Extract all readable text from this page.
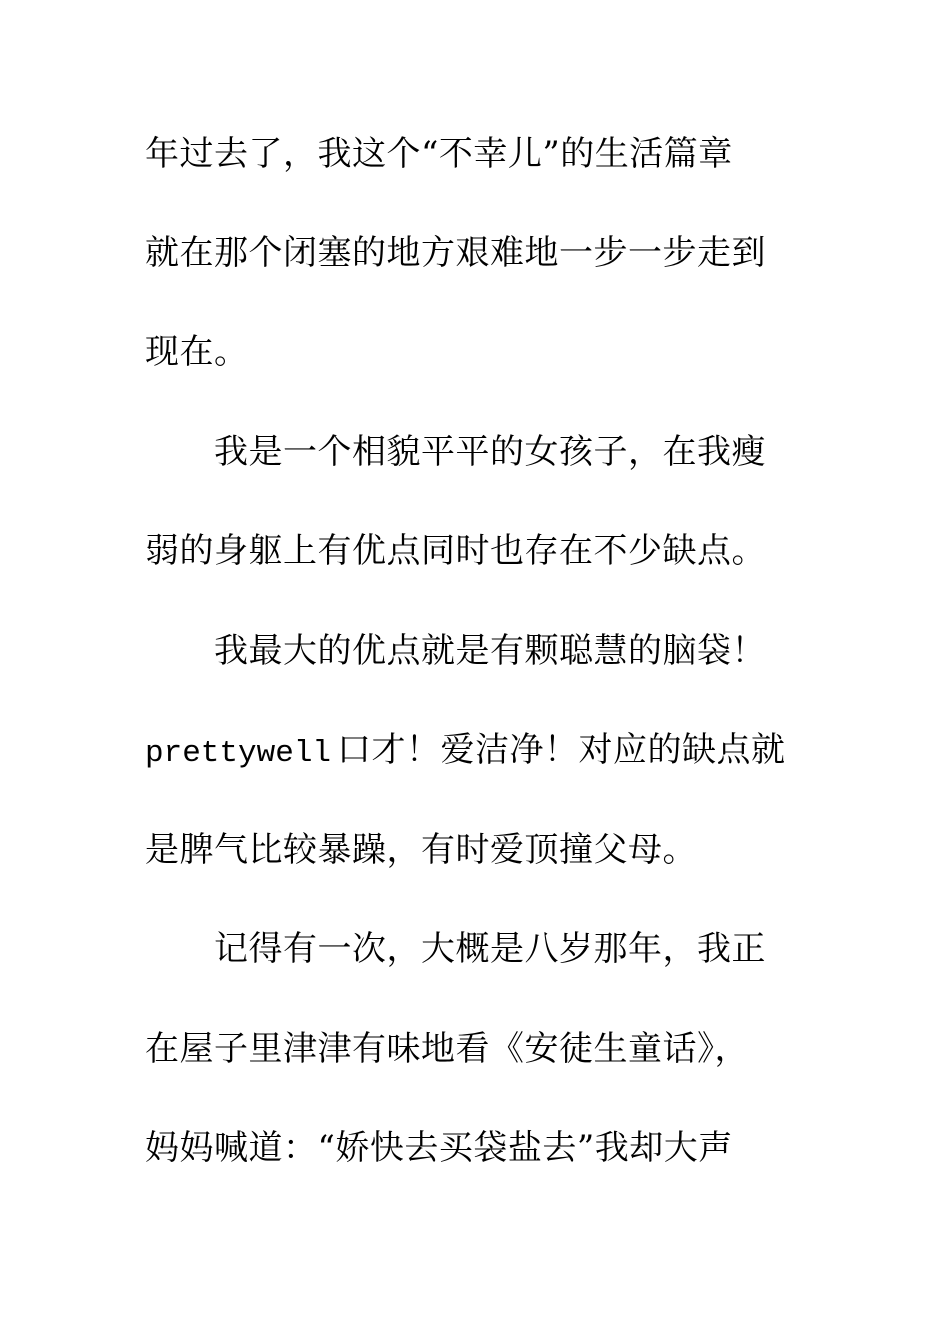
年过去了，我这个“不幸儿”的生活篇章
就在那个闭塞的地方艰难地一步一步走到
现在。
我是一个相貌平平的女孩子，在我瘦
弱的身躯上有优点同时也存在不少缺点。
我最大的优点就是有颗聪慧的脑袋！
prettywell 口才！爱洁净！对应的缺点就
是脾气比较暴躁，有时爱顶撞父母。
记得有一次，大概是八岁那年，我正
在屋子里津津有味地看《安徒生童话》，
妈妈喊道：“娇快去买袋盐去”我却大声
